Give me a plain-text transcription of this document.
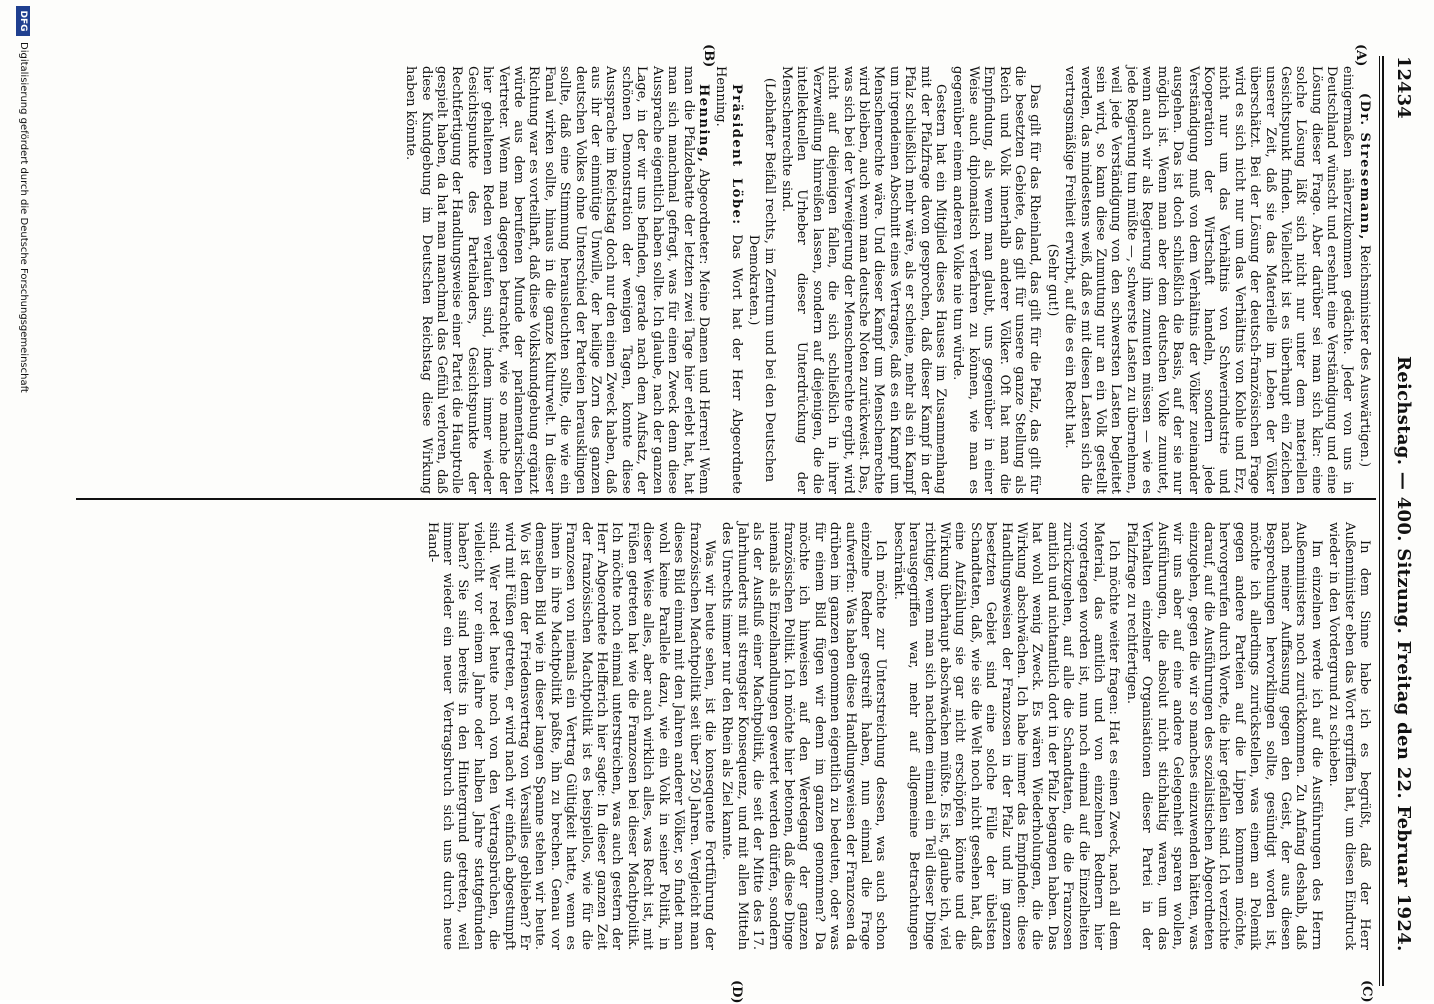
12434
Reichstag. — 400. Sitzung. Freitag den 22. Februar 1924.
(A)
(B)
(C)
(D)

(Dr. Stresemann, Reichsminister des Auswärtigen.)

einigermaßen näherzukommen gedächte. Jeder von uns in Deutschland wünscht und ersehnt eine Verständigung und eine Lösung dieser Frage. Aber darüber sei man sich klar: eine solche Lösung läßt sich nicht nur unter dem materiellen Gesichtspunkt finden. Vielleicht ist es überhaupt ein Zeichen unserer Zeit, daß sie das Materielle im Leben der Völker überschätzt. Bei der Lösung der deutsch-französischen Frage wird es sich nicht nur um das Verhältnis von Kohle und Erz, nicht nur um das Verhältnis von Schwerindustrie und Kooperation der Wirtschaft handeln, sondern jede Verständigung muß von dem Verhältnis der Völker zueinander ausgehen. Das ist doch schließlich die Basis, auf der sie nur möglich ist. Wenn man aber dem deutschen Volke zumutet, wenn auch wir als Regierung ihm zumuten müssen — wie es jede Regierung tun müßte —, schwerste Lasten zu übernehmen, weil jede Verständigung von den schwersten Lasten begleitet sein wird, so kann diese Zumutung nur an ein Volk gestellt werden, das mindestens weiß, daß es mit diesen Lasten sich die vertragsmäßige Freiheit erwirbt, auf die es ein Recht hat.

(Sehr gut!)

Das gilt für das Rheinland, das gilt für die Pfalz, das gilt für die besetzten Gebiete, das gilt für unsere ganze Stellung als Reich und Volk innerhalb anderer Völker. Oft hat man die Empfindung, als wenn man glaubt, uns gegenüber in einer Weise auch diplomatisch verfahren zu können, wie man es gegenüber einem anderen Volke nie tun würde.

Gestern hat ein Mitglied dieses Hauses im Zusammenhang mit der Pfalzfrage davon gesprochen, daß dieser Kampf in der Pfalz schließlich mehr wäre, als er scheine, mehr als ein Kampf um irgendeinen Abschnitt eines Vertrages, daß es ein Kampf um Menschenrechte wäre. Und dieser Kampf um Menschenrechte wird bleiben, auch wenn man deutsche Noten zurückweist. Das, was sich bei der Verweigerung der Menschenrechte ergibt, wird nicht auf diejenigen fallen, die sich schließlich in ihrer Verzweiflung hinreißen lassen, sondern auf diejenigen, die die intellektuellen Urheber dieser Unterdrückung der Menschenrechte sind.

(Lebhafter Beifall rechts, im Zentrum und bei den Deutschen Demokraten.)

Präsident Löbe: Das Wort hat der Herr Abgeordnete Henning.

Henning, Abgeordneter: Meine Damen und Herren! Wenn man die Pfalzdebatte der letzten zwei Tage hier erlebt hat, hat man sich manchmal gefragt, was für einen Zweck denn diese Aussprache eigentlich haben sollte. Ich glaube, nach der ganzen Lage, in der wir uns befinden, gerade nach dem Aufsatz, der schönen Demonstration der wenigen Tagen, konnte diese Aussprache im Reichstag doch nur den einen Zweck haben, daß aus ihr der einmütige Unwille, der heilige Zorn des ganzen deutschen Volkes ohne Unterschied der Parteien herausklingen sollte, daß eine Stimmung herausleuchten sollte, die wie ein Fanal wirken sollte, hinaus in die ganze Kulturwelt. In dieser Richtung war es vorteilhaft, daß diese Volkskundgebung ergänzt würde aus dem berufenen Munde der parlamentarischen Vertreter. Wenn man dagegen betrachtet, wie so manche der hier gehaltenen Reden verlaufen sind, indem immer wieder Gesichtspunkte des Parteihaders, Gesichtspunkte der Rechtfertigung der Handlungsweise einer Partei die Hauptrolle gespielt haben, da hat man manchmal das Gefühl verloren, daß diese Kundgebung im Deutschen Reichstag diese Wirkung haben könnte.

In dem Sinne habe ich es begrüßt, daß der Herr Außenminister eben das Wort ergriffen hat, um diesen Eindruck wieder in den Vordergrund zu schieben.

Im einzelnen werde ich auf die Ausführungen des Herrn Außenministers noch zurückkommen. Zu Anfang deshalb, daß nach meiner Auffassung gegen den Geist, der aus diesen Besprechungen hervorklingen sollte, gesündigt worden ist, möchte ich allerdings zurückstellen, was einem an Polemik gegen andere Parteien auf die Lippen kommen möchte, hervorgerufen durch Worte, die hier gefallen sind. Ich verzichte darauf, auf die Ausführungen des sozialistischen Abgeordneten einzugehen, gegen die wir so manches einzuwenden hätten, was wir uns aber auf eine andere Gelegenheit sparen wollen, Ausführungen, die absolut nicht stichhaltig waren, um das Verhalten einzelner Organisationen dieser Partei in der Pfalzfrage zu rechtfertigen.

Ich möchte weiter fragen: Hat es einen Zweck, nach all dem Material, das amtlich und von einzelnen Rednern hier vorgetragen worden ist, nun noch einmal auf die Einzelheiten zurückzugehen, auf alle die Schandtaten, die die Franzosen amtlich und nichtamtlich dort in der Pfalz begangen haben. Das hat wohl wenig Zweck. Es wären Wiederholungen, die die Wirkung abschwächen. Ich habe immer das Empfinden: diese Handlungsweisen der Franzosen in der Pfalz und im ganzen besetzten Gebiet sind eine solche Fülle der übelsten Schandtaten, daß, wie sie die Welt noch nicht gesehen hat, daß eine Aufzählung sie gar nicht erschöpfen könnte und die Wirkung überhaupt abschwächen müßte. Es ist, glaube ich, viel richtiger, wenn man sich nachdem einmal ein Teil dieser Dinge herausgegriffen war, mehr auf allgemeine Betrachtungen beschränkt.

Ich möchte zur Unterstreichung dessen, was auch schon einzelne Redner gestreift haben, nun einmal die Frage aufwerfen: Was haben diese Handlungsweisen der Franzosen da drüben im ganzen genommen eigentlich zu bedeuten, oder was für einem Bild fügen wir denn im ganzen genommen? Da möchte ich hinweisen auf den Werdegang der ganzen französischen Politik. Ich möchte hier betonen, daß diese Dinge niemals als Einzelhandlungen gewertet werden dürfen, sondern als der Ausfluß einer Machtpolitik, die seit der Mitte des 17. Jahrhunderts mit strengster Konsequenz, und mit allen Mitteln des Unrechts immer nur den Rhein als Ziel kannte.

Was wir heute sehen, ist die konsequente Fortführung der französischen Machtpolitik seit über 250 Jahren. Vergleicht man dieses Bild einmal mit den Jahren anderer Völker, so findet man wohl keine Parallele dazu, wie ein Volk in seiner Politik, in dieser Weise alles, aber auch wirklich alles, was Recht ist, mit Füßen getreten hat wie die Franzosen bei dieser Machtpolitik. Ich möchte noch einmal unterstreichen, was auch gestern der Herr Abgeordnete Helfferich hier sagte: In dieser ganzen Zeit der französischen Machtpolitik ist es beispiellos, wie für die Franzosen von niemals ein Vertrag Gültigkeit hatte, wenn es ihnen in ihre Machtpolitik paßte, ihn zu brechen. Genau vor demselben Bild wie in dieser langen Spanne stehen wir heute. Wo ist denn der Friedensvertrag von Versailles geblieben? Er wird mit Füßen getreten, er wird nach wir einfach abgestumpft sind. Wer redet heute noch von den Vertragsbrüchen, die vielleicht vor einem Jahre oder halben Jahre stattgefunden haben? Sie sind bereits in den Hintergrund getreten, weil immer wieder ein neuer Vertragsbruch sich uns durch neue Hand-

DFG
Digitalisierung gefördert durch die Deutsche Forschungsgemeinschaft
